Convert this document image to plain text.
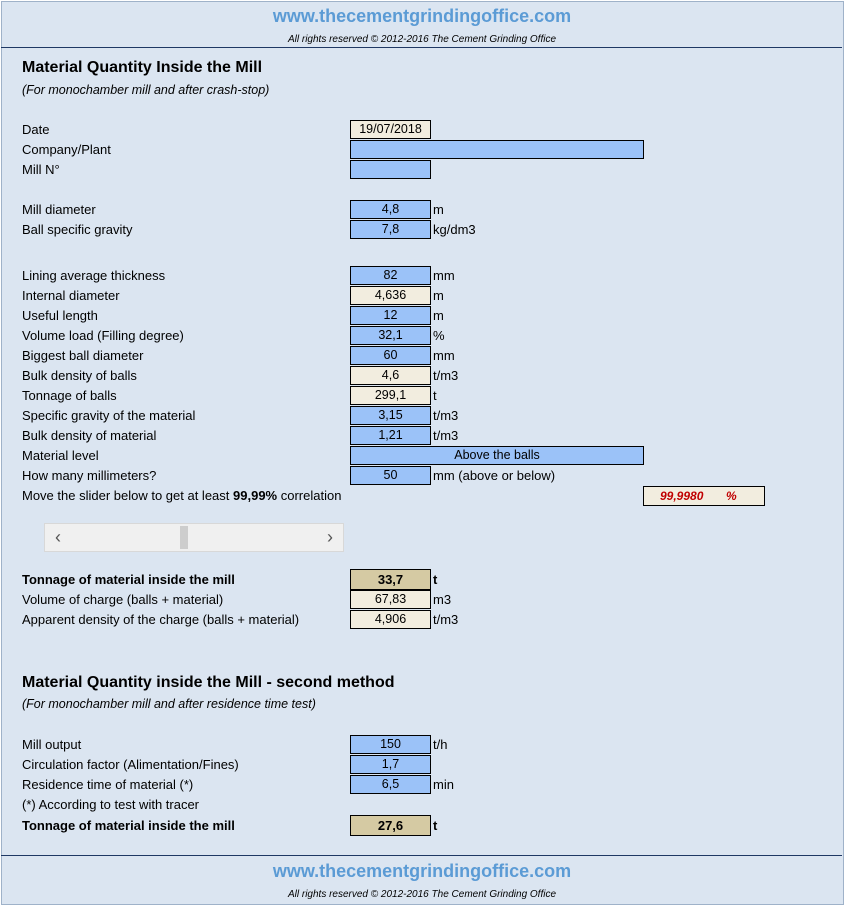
www.thecementgrindingoffice.com
All rights reserved © 2012-2016 The Cement Grinding Office
Material Quantity Inside the Mill
(For monochamber mill and after crash-stop)
Date	19/07/2018
Company/Plant
Mill N°
Mill diameter	4,8	m
Ball specific gravity	7,8	kg/dm3
Lining average thickness	82	mm
Internal diameter	4,636	m
Useful length	12	m
Volume load (Filling degree)	32,1	%
Biggest ball diameter	60	mm
Bulk density of balls	4,6	t/m3
Tonnage of balls	299,1	t
Specific gravity of the material	3,15	t/m3
Bulk density of material	1,21	t/m3
Material level	Above the balls
How many millimeters?	50	mm (above or below)
Move the slider below to get at least 99,99% correlation	99,9980 %
‹	›
Tonnage of material inside the mill	33,7	t
Volume of charge (balls + material)	67,83	m3
Apparent density of the charge (balls + material)	4,906	t/m3
Material Quantity inside the Mill - second method
(For monochamber mill and after residence time test)
Mill output	150	t/h
Circulation factor (Alimentation/Fines)	1,7
Residence time of material (*)	6,5	min
(*) According to test with tracer
Tonnage of material inside the mill	27,6	t
www.thecementgrindingoffice.com
All rights reserved © 2012-2016 The Cement Grinding Office
